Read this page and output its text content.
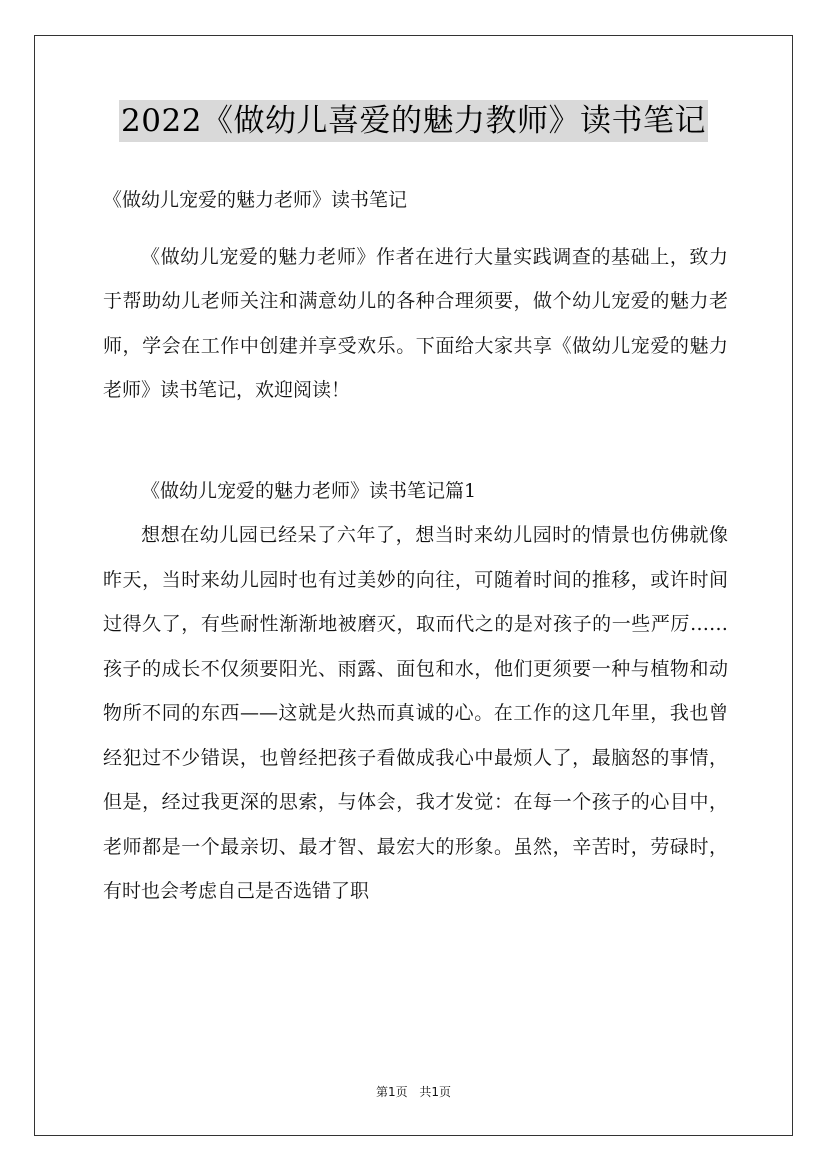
2022《做幼儿喜爱的魅力教师》读书笔记

《做幼儿宠爱的魅力老师》读书笔记

《做幼儿宠爱的魅力老师》作者在进行大量实践调查的基础上，致力于帮助幼儿老师关注和满意幼儿的各种合理须要，做个幼儿宠爱的魅力老师，学会在工作中创建并享受欢乐。下面给大家共享《做幼儿宠爱的魅力老师》读书笔记，欢迎阅读！

《做幼儿宠爱的魅力老师》读书笔记篇1

想想在幼儿园已经呆了六年了，想当时来幼儿园时的情景也仿佛就像昨天，当时来幼儿园时也有过美妙的向往，可随着时间的推移，或许时间过得久了，有些耐性渐渐地被磨灭，取而代之的是对孩子的一些严厉……孩子的成长不仅须要阳光、雨露、面包和水，他们更须要一种与植物和动物所不同的东西——这就是火热而真诚的心。在工作的这几年里，我也曾经犯过不少错误，也曾经把孩子看做成我心中最烦人了，最脑怒的事情，但是，经过我更深的思索，与体会，我才发觉：在每一个孩子的心目中，老师都是一个最亲切、最才智、最宏大的形象。虽然，辛苦时，劳碌时，有时也会考虑自己是否选错了职

第1页 共1页
